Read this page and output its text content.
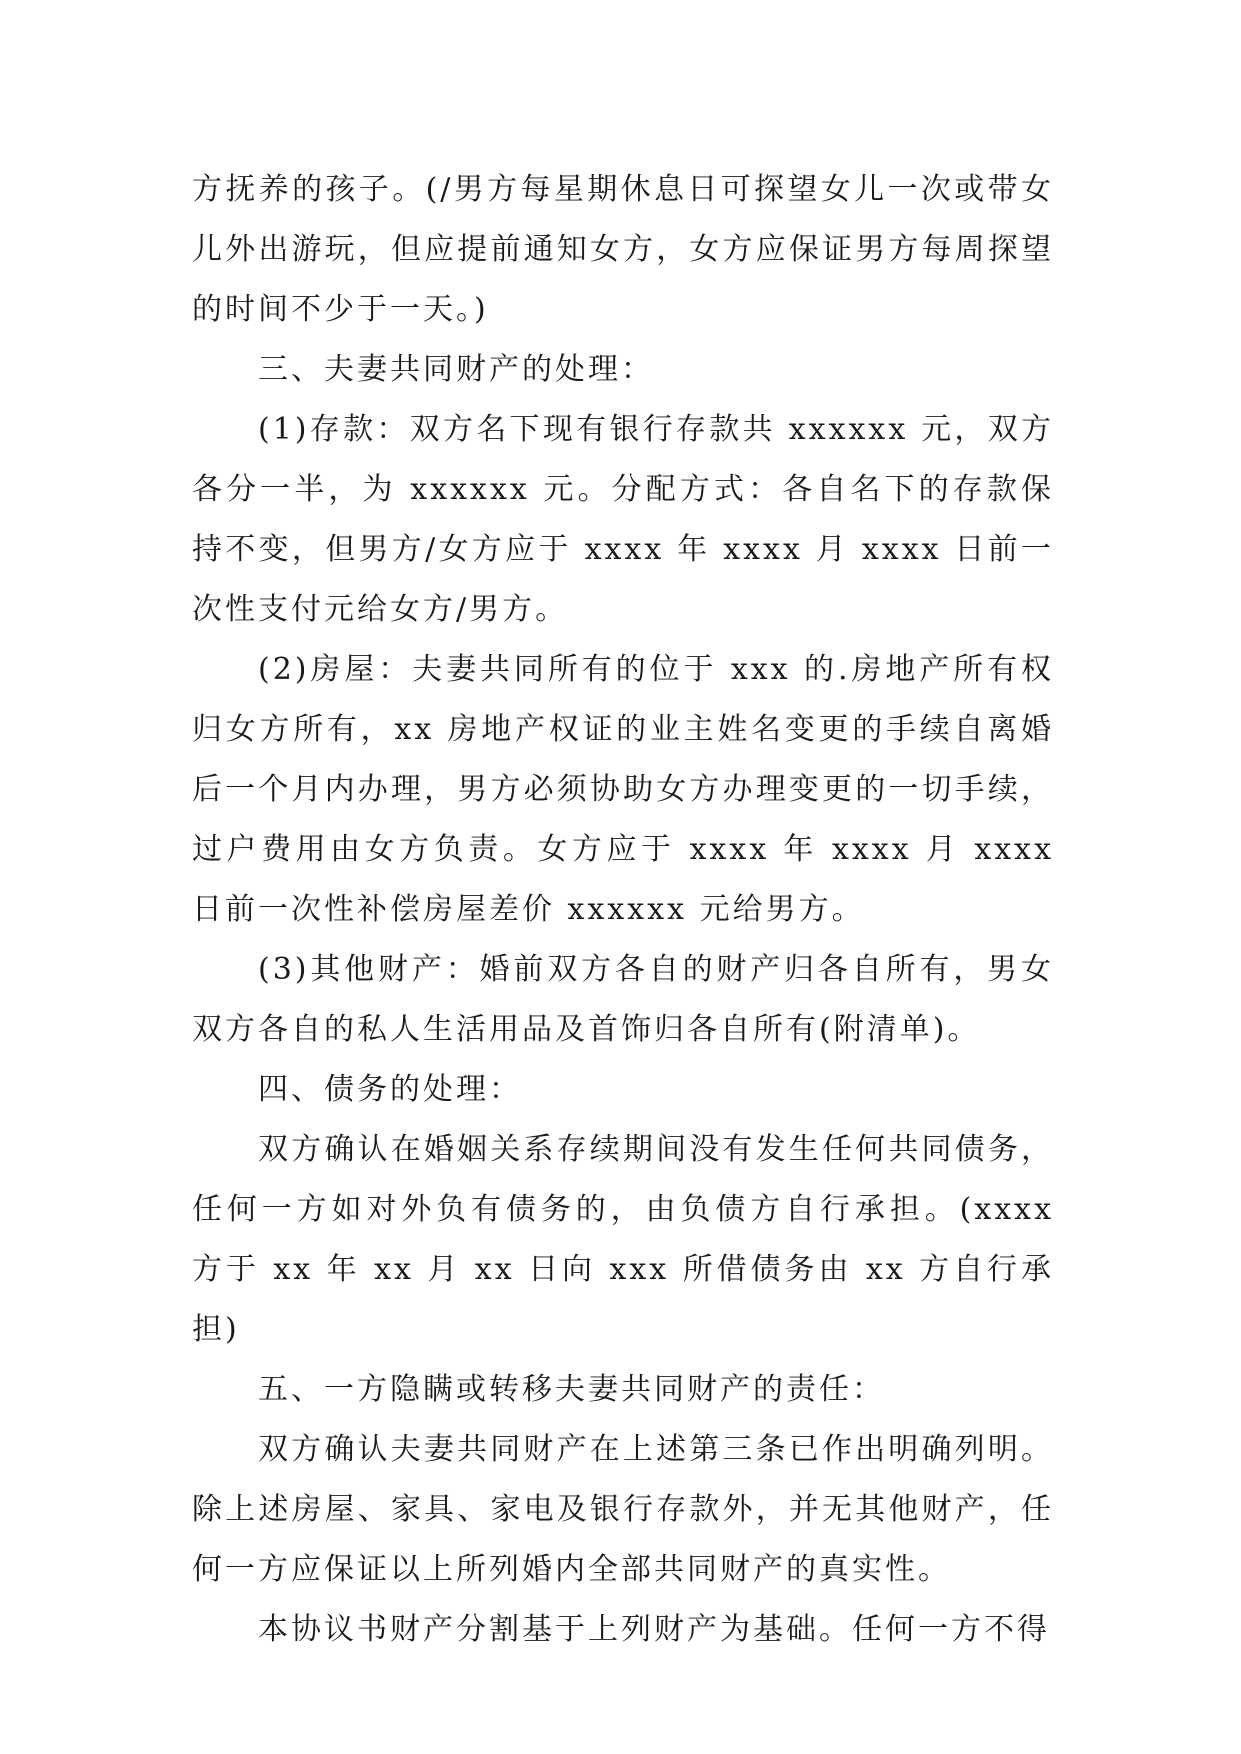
方抚养的孩子。(/男方每星期休息日可探望女儿一次或带女儿外出游玩，但应提前通知女方，女方应保证男方每周探望的时间不少于一天。)

三、夫妻共同财产的处理：

(1)存款：双方名下现有银行存款共 xxxxxx 元，双方各分一半，为 xxxxxx 元。分配方式：各自名下的存款保持不变，但男方/女方应于 xxxx 年 xxxx 月 xxxx 日前一次性支付元给女方/男方。

(2)房屋：夫妻共同所有的位于 xxx 的.房地产所有权归女方所有，xx 房地产权证的业主姓名变更的手续自离婚后一个月内办理，男方必须协助女方办理变更的一切手续，过户费用由女方负责。女方应于 xxxx 年 xxxx 月 xxxx 日前一次性补偿房屋差价 xxxxxx 元给男方。

(3)其他财产：婚前双方各自的财产归各自所有，男女双方各自的私人生活用品及首饰归各自所有(附清单)。

四、债务的处理：

双方确认在婚姻关系存续期间没有发生任何共同债务，任何一方如对外负有债务的，由负债方自行承担。(xxxx 方于 xx 年 xx 月 xx 日向 xxx 所借债务由 xx 方自行承担)

五、一方隐瞒或转移夫妻共同财产的责任：

双方确认夫妻共同财产在上述第三条已作出明确列明。除上述房屋、家具、家电及银行存款外，并无其他财产，任何一方应保证以上所列婚内全部共同财产的真实性。

本协议书财产分割基于上列财产为基础。任何一方不得
